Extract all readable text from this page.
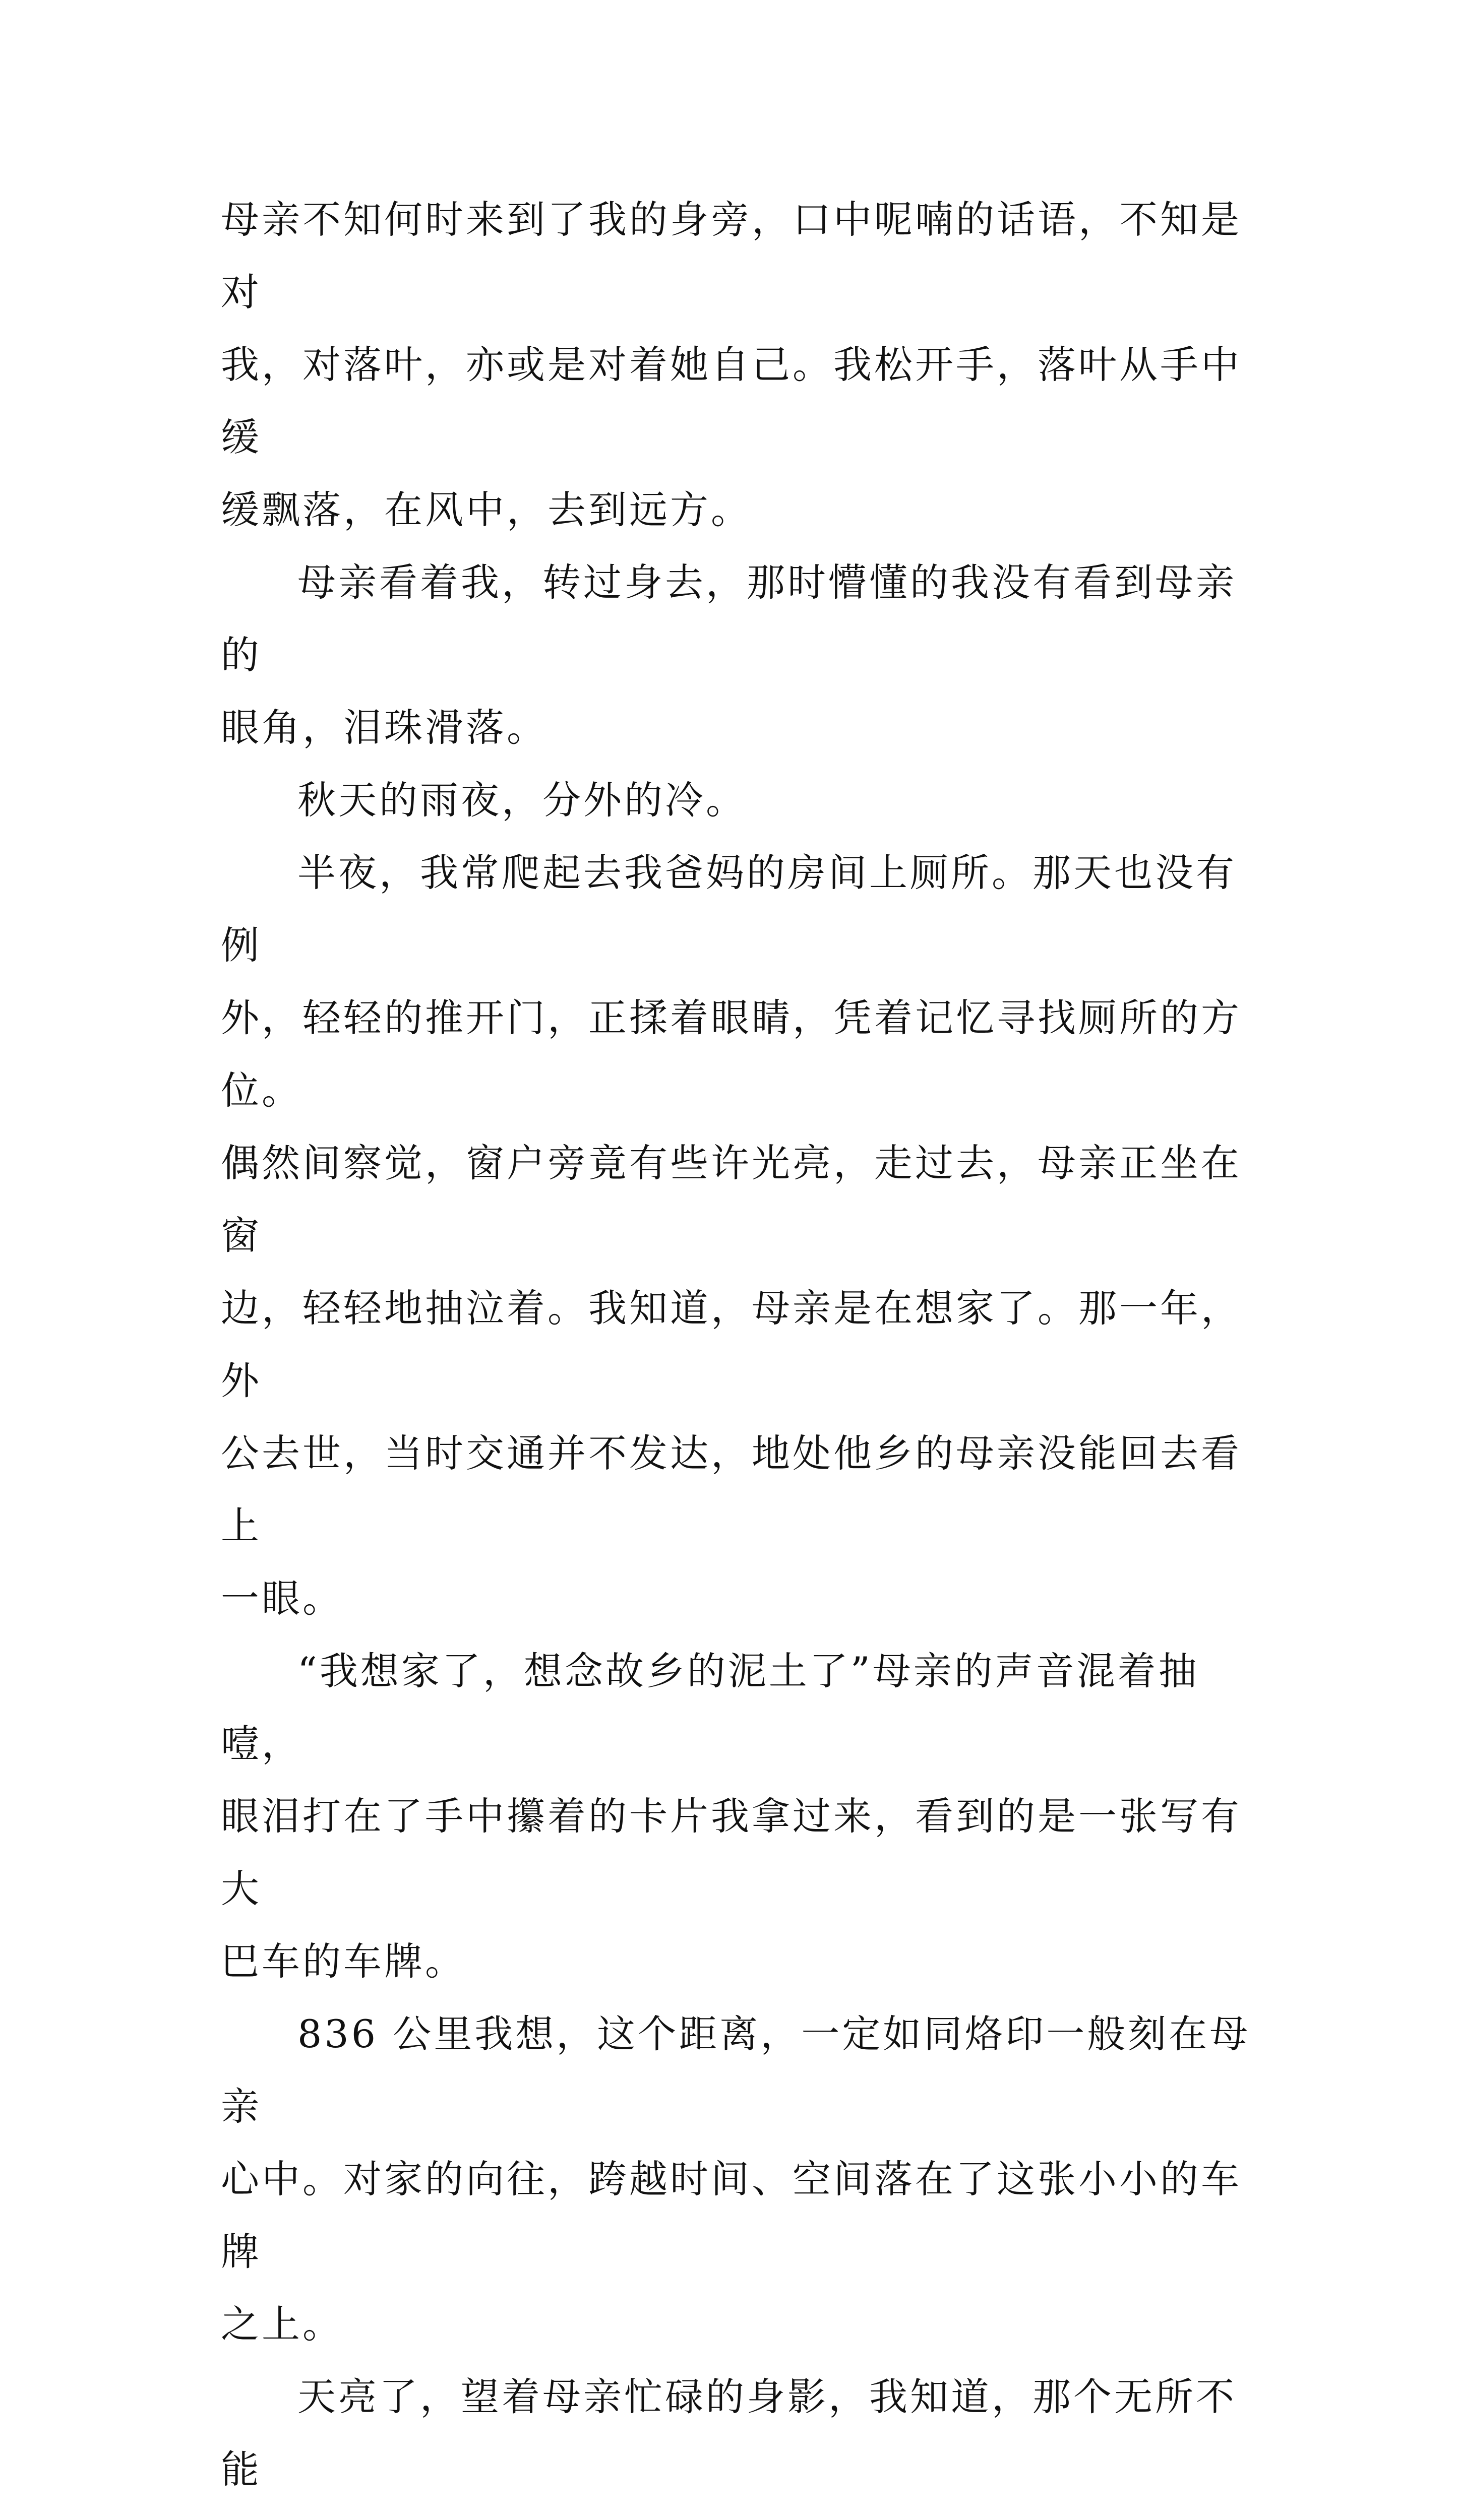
母亲不知何时来到了我的身旁，口中呢喃的话语，不知是对
我，对落叶，亦或是对着她自己。我松开手，落叶从手中缓
缓飘落，在风中，去到远方。

母亲看着我，转过身去，那时懵懂的我没有看到母亲的
眼角，泪珠滑落。

秋天的雨夜，分外的冷。

半夜，我常爬起去我爸妈的房间上厕所。那天也没有例
外，轻轻的推开门，正揉着眼睛，凭着记忆寻找厕所的方位。
偶然间察觉，窗户旁竟有些许光亮，走过去，母亲正坐在窗
边，轻轻地抽泣着。我知道，母亲是在想家了。那一年，外
公去世，当时交通并不发达，地处他乡的母亲没能回去看上
一眼。

“我想家了，想念故乡的泥土了”母亲的声音混着抽噎，
眼泪打在了手中攥着的卡片我拿过来，看到的是一张写有大
巴车的车牌。

836 公里我想，这个距离，一定如同烙印一般刻在母亲
心中。对家的向往，跨越时间、空间落在了这张小小的车牌
之上。

天亮了，望着母亲忙碌的身影，我知道，那个无所不能
